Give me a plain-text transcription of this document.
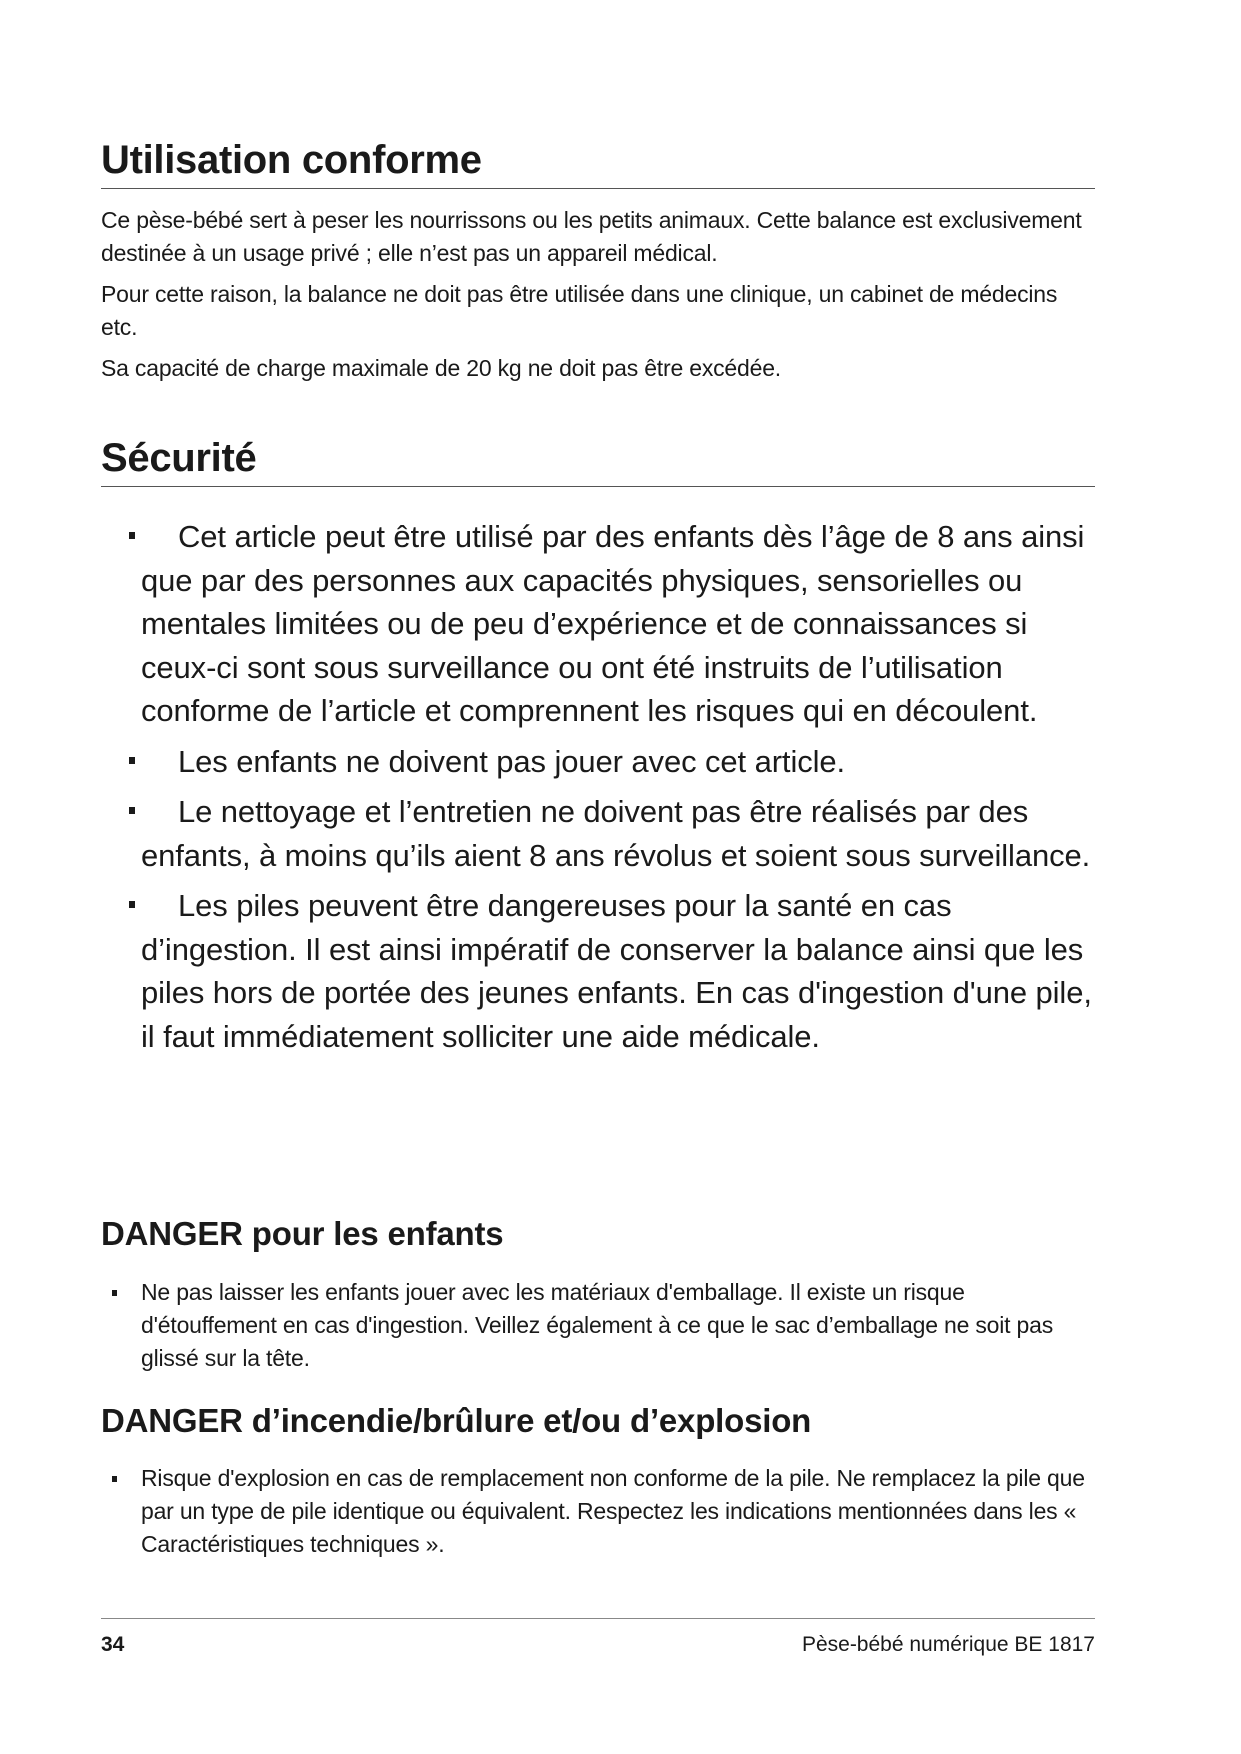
Utilisation conforme

Ce pèse-bébé sert à peser les nourrissons ou les petits animaux. Cette balance est exclusivement destinée à un usage privé ; elle n’est pas un appareil médical.

Pour cette raison, la balance ne doit pas être utilisée dans une clinique, un cabinet de médecins etc.

Sa capacité de charge maximale de 20 kg ne doit pas être excédée.

Sécurité
Cet article peut être utilisé par des enfants dès l’âge de 8 ans ainsi que par des personnes aux capacités physiques, sensorielles ou mentales limitées ou de peu d’expérience et de connaissances si ceux-ci sont sous surveillance ou ont été instruits de l’utilisation conforme de l’article et comprennent les risques qui en découlent.
Les enfants ne doivent pas jouer avec cet article.
Le nettoyage et l’entretien ne doivent pas être réalisés par des enfants, à moins qu’ils aient 8 ans révolus et soient sous surveillance.
Les piles peuvent être dangereuses pour la santé en cas d’ingestion. Il est ainsi impératif de conserver la balance ainsi que les piles hors de portée des jeunes enfants. En cas d'ingestion d'une pile, il faut immédiatement solliciter une aide médicale.
DANGER pour les enfants
Ne pas laisser les enfants jouer avec les matériaux d'emballage. Il existe un risque d'étouffement en cas d'ingestion. Veillez également à ce que le sac d’emballage ne soit pas glissé sur la tête.
DANGER d’incendie/brûlure et/ou d’explosion
Risque d'explosion en cas de remplacement non conforme de la pile. Ne remplacez la pile que par un type de pile identique ou équivalent. Respectez les indications mentionnées dans les « Caractéristiques techniques ».
34	Pèse-bébé numérique BE 1817
